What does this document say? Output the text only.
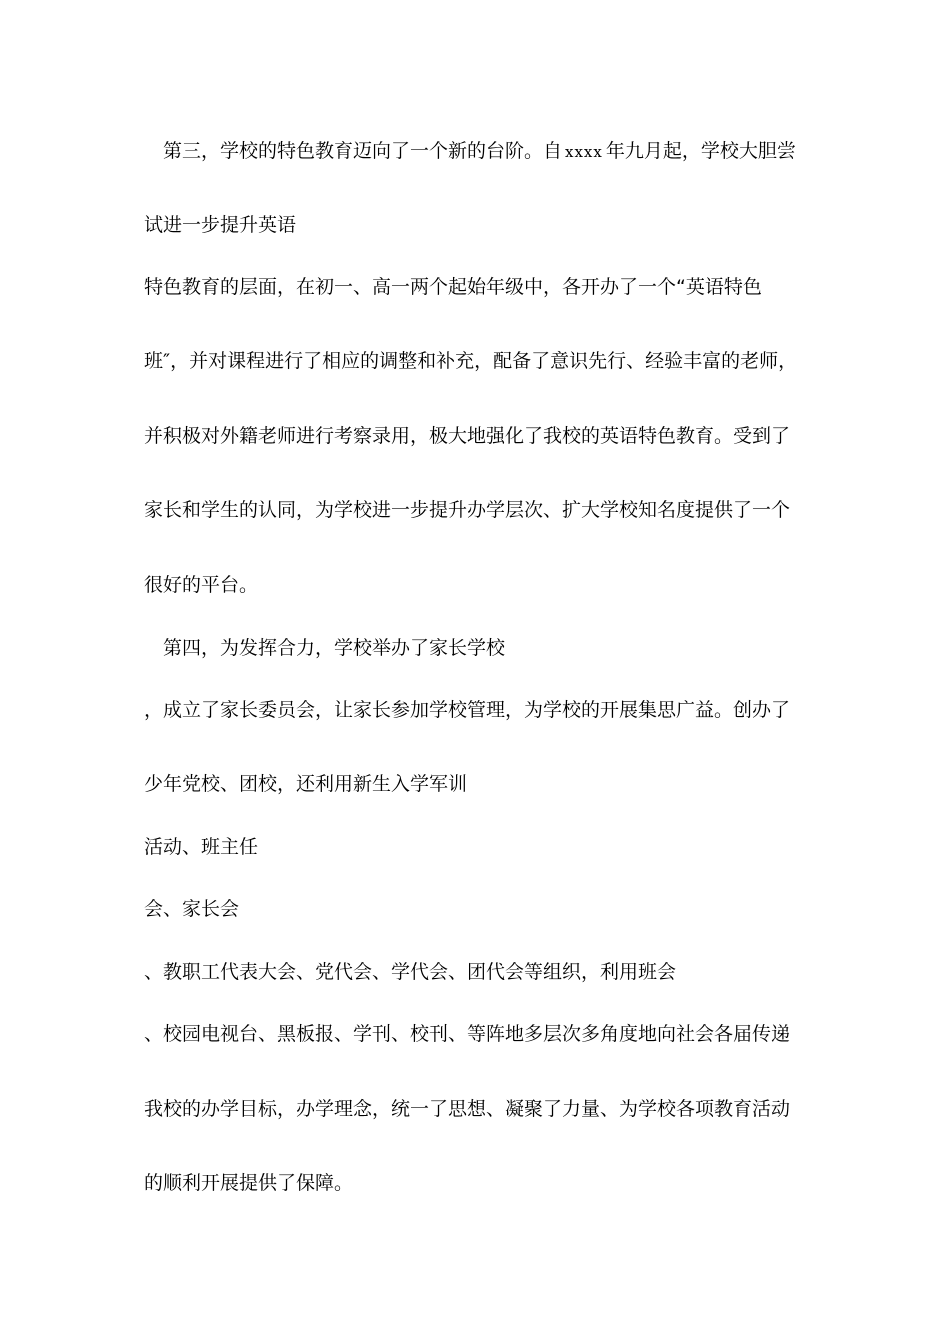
第三，学校的特色教育迈向了一个新的台阶。自 xxxx 年九月起，学校大胆尝
试进一步提升英语
特色教育的层面，在初一、高一两个起始年级中，各开办了一个“英语特色
班″，并对课程进行了相应的调整和补充，配备了意识先行、经验丰富的老师，
并积极对外籍老师进行考察录用，极大地强化了我校的英语特色教育。受到了
家长和学生的认同，为学校进一步提升办学层次、扩大学校知名度提供了一个
很好的平台。
第四，为发挥合力，学校举办了家长学校
，成立了家长委员会，让家长参加学校管理，为学校的开展集思广益。创办了
少年党校、团校，还利用新生入学军训
活动、班主任
会、家长会
、教职工代表大会、党代会、学代会、团代会等组织，利用班会
、校园电视台、黑板报、学刊、校刊、等阵地多层次多角度地向社会各届传递
我校的办学目标，办学理念，统一了思想、凝聚了力量、为学校各项教育活动
的顺利开展提供了保障。
